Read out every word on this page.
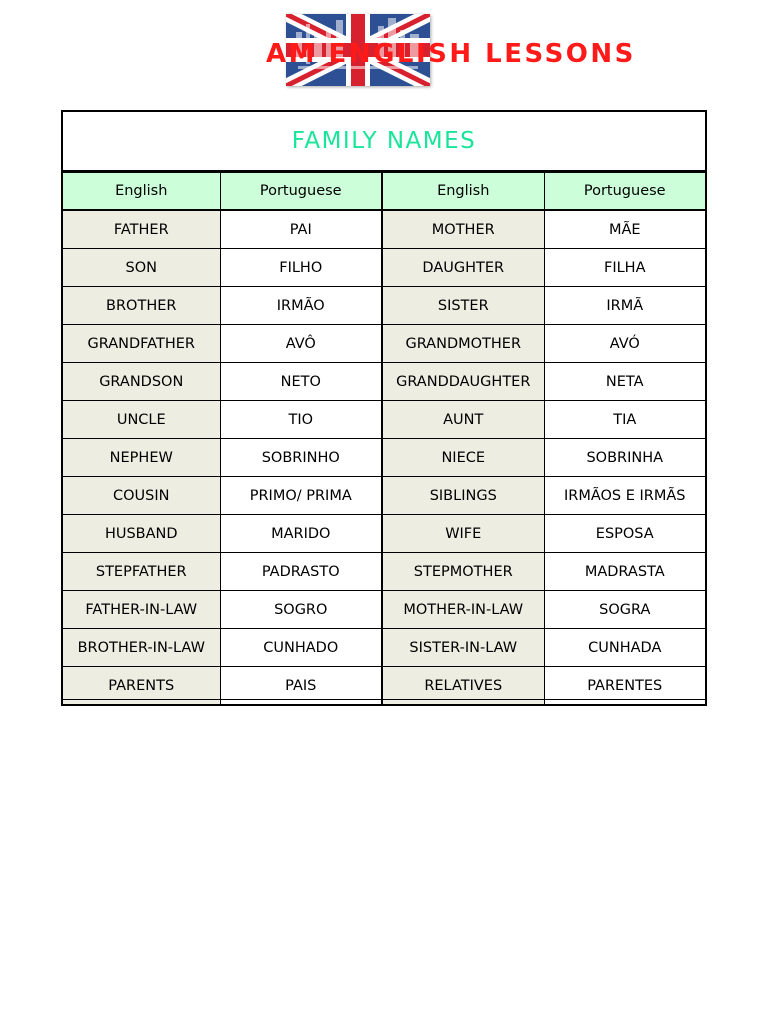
AM ENGLISH LESSONS
FAMILY NAMES
English	Portuguese	English	Portuguese
FATHER	PAI	MOTHER	MÃE
SON	FILHO	DAUGHTER	FILHA
BROTHER	IRMÃO	SISTER	IRMÃ
GRANDFATHER	AVÔ	GRANDMOTHER	AVÓ
GRANDSON	NETO	GRANDDAUGHTER	NETA
UNCLE	TIO	AUNT	TIA
NEPHEW	SOBRINHO	NIECE	SOBRINHA
COUSIN	PRIMO/ PRIMA	SIBLINGS	IRMÃOS E IRMÃS
HUSBAND	MARIDO	WIFE	ESPOSA
STEPFATHER	PADRASTO	STEPMOTHER	MADRASTA
FATHER-IN-LAW	SOGRO	MOTHER-IN-LAW	SOGRA
BROTHER-IN-LAW	CUNHADO	SISTER-IN-LAW	CUNHADA
PARENTS	PAIS	RELATIVES	PARENTES
